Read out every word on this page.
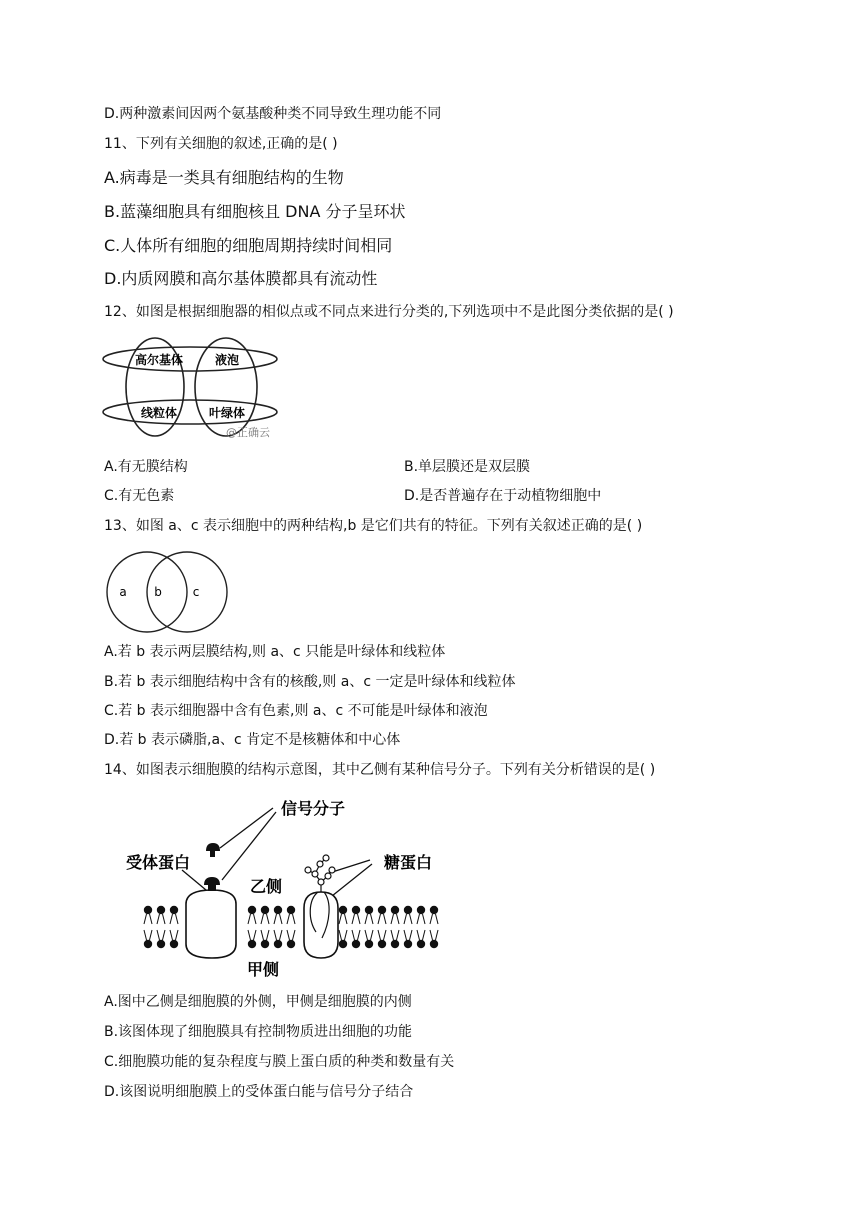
D.两种激素间因两个氨基酸种类不同导致生理功能不同
11、下列有关细胞的叙述,正确的是( )
A.病毒是一类具有细胞结构的生物
B.蓝藻细胞具有细胞核且 DNA 分子呈环状
C.人体所有细胞的细胞周期持续时间相同
D.内质网膜和高尔基体膜都具有流动性
12、如图是根据细胞器的相似点或不同点来进行分类的,下列选项中不是此图分类依据的是( )
高尔基体	液泡
线粒体	叶绿体
@正确云
A.有无膜结构	B.单层膜还是双层膜
C.有无色素	D.是否普遍存在于动植物细胞中
13、如图 a、c 表示细胞中的两种结构,b 是它们共有的特征。下列有关叙述正确的是( )
a b	c
A.若 b 表示两层膜结构,则 a、c 只能是叶绿体和线粒体
B.若 b 表示细胞结构中含有的核酸,则 a、c 一定是叶绿体和线粒体
C.若 b 表示细胞器中含有色素,则 a、c 不可能是叶绿体和液泡
D.若 b 表示磷脂,a、c 肯定不是核糖体和中心体
14、如图表示细胞膜的结构示意图，其中乙侧有某种信号分子。下列有关分析错误的是( )
信号分子
受体蛋白	糖蛋白
乙侧
甲侧
A.图中乙侧是细胞膜的外侧，甲侧是细胞膜的内侧
B.该图体现了细胞膜具有控制物质进出细胞的功能
C.细胞膜功能的复杂程度与膜上蛋白质的种类和数量有关
D.该图说明细胞膜上的受体蛋白能与信号分子结合
